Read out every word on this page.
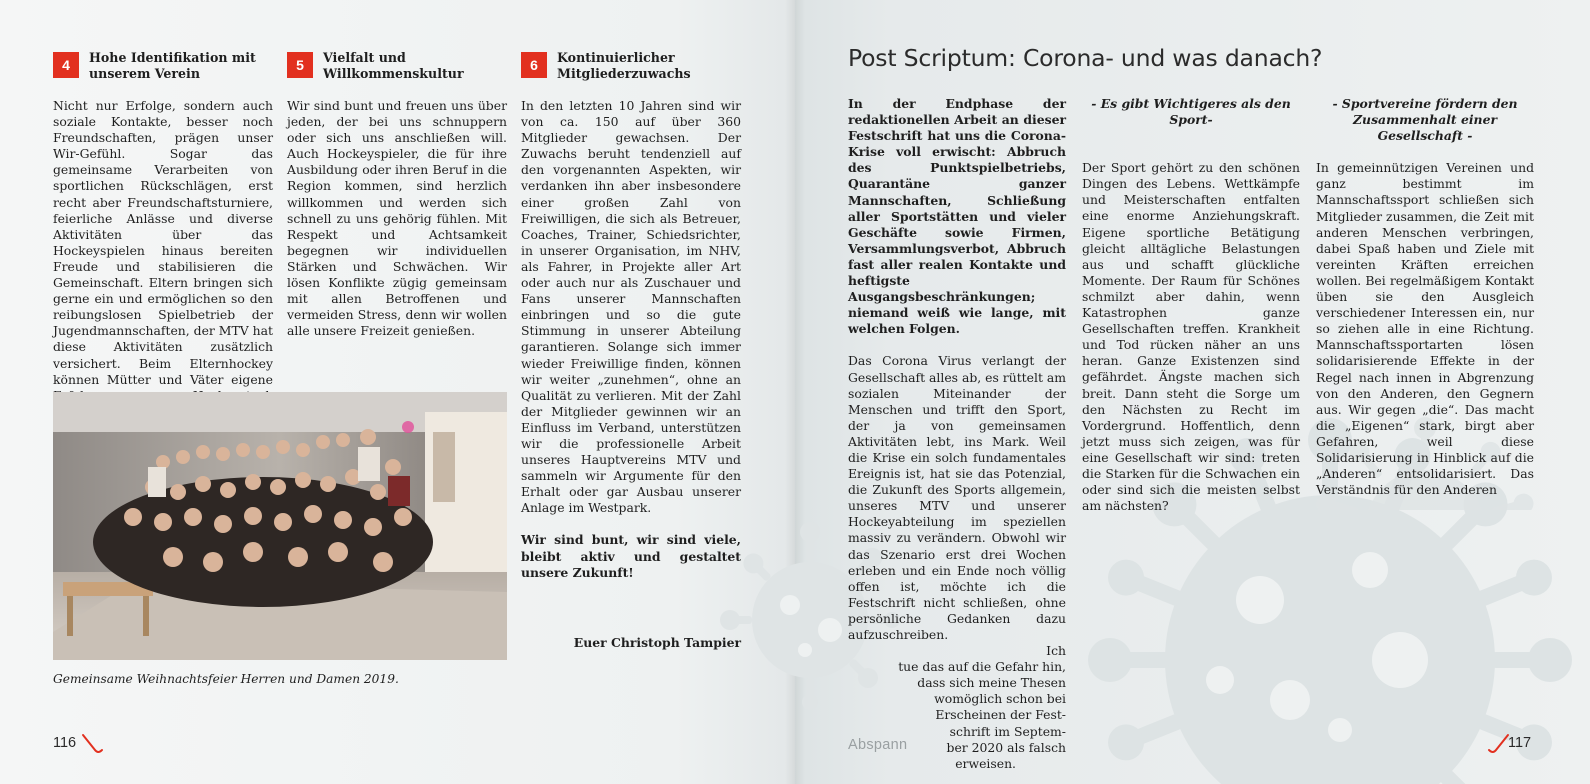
4	Hohe Identifikation mit
unserem Verein
5	Vielfalt und
Willkommenskultur
6	Kontinuierlicher
Mitgliederzuwachs

Nicht nur Erfolge, sondern auch soziale Kontakte, besser noch Freundschaften, prägen unser Wir-Gefühl. Sogar das gemeinsame Verarbeiten von sportlichen Rückschlägen, erst recht aber Freundschaftsturniere, feierliche Anlässe und diverse Aktivitäten über das Hockeyspielen hinaus bereiten Freude und stabilisieren die Gemeinschaft. Eltern bringen sich gerne ein und ermöglichen so den reibungslosen Spielbetrieb der Jugendmannschaften, der MTV hat diese Aktivitäten zusätzlich versichert. Beim Elternhockey können Mütter und Väter eigene

Wir sind bunt und freuen uns über jeden, der bei uns schnuppern oder sich uns anschließen will. Auch Hockeyspieler, die für ihre Ausbildung oder ihren Beruf in die Region kommen, sind herzlich willkommen und werden sich schnell zu uns gehörig fühlen. Mit Respekt und Achtsamkeit begegnen wir individuellen Stärken und Schwächen. Wir lösen Konflikte zügig gemeinsam mit allen Betroffenen und vermeiden Stress, denn wir wollen alle unsere Freizeit genießen.

In den letzten 10 Jahren sind wir von ca. 150 auf über 360 Mitglieder gewachsen. Der Zuwachs beruht tendenziell auf den vorgenannten Aspekten, wir verdanken ihn aber insbesondere einer großen Zahl von Freiwilligen, die sich als Betreuer, Coaches, Trainer, Schiedsrichter, in unserer Organisation, im NHV, als Fahrer, in Projekte aller Art oder auch nur als Zuschauer und Fans unserer Mannschaften einbringen und so die gute Stimmung in unserer Abteilung garantieren. Solange sich immer wieder Freiwillige finden, können wir weiter „zunehmen“, ohne an Qualität zu verlieren. Mit der Zahl der Mitglieder gewinnen wir an Einfluss im Verband, unterstützen wir die professionelle Arbeit unseres Hauptvereins MTV und sammeln wir Argumente für den Erhalt oder gar Ausbau unserer Anlage im Westpark.

Wir sind bunt, wir sind viele, bleibt aktiv und gestaltet unsere Zukunft!

Euer Christoph Tampier

Gemeinsame Weihnachtsfeier Herren und Damen 2019.
116
Post Scriptum: Corona- und was danach?

In der Endphase der redaktionellen Arbeit an dieser Festschrift hat uns die Corona-Krise voll erwischt: Abbruch des Punktspielbetriebs, Quarantäne ganzer Mannschaften, Schließung aller Sportstätten und vieler Geschäfte sowie Firmen, Versammlungsverbot, Abbruch fast aller realen Kontakte und heftigste Ausgangsbeschränkungen; niemand weiß wie lange, mit welchen Folgen.

Das Corona Virus verlangt der Gesellschaft alles ab, es rüttelt am sozialen Miteinander der Menschen und trifft den Sport, der ja von gemeinsamen Aktivitäten lebt, ins Mark. Weil die Krise ein solch fundamentales Ereignis ist, hat sie das Potenzial, die Zukunft des Sports allgemein, unseres MTV und unserer Hockeyabteilung im speziellen massiv zu verändern. Obwohl wir das Szenario erst drei Wochen erleben und ein Ende noch völlig offen ist, möchte ich die Festschrift nicht schließen, ohne persönliche Gedanken dazu aufzuschreiben.

Ich
tue das auf die Gefahr hin,
dass sich meine Thesen
womöglich schon bei
Erscheinen der Fest-
schrift im Septem-
ber 2020 als falsch
erweisen.
- Es gibt Wichtigeres als den Sport-

Der Sport gehört zu den schönen Dingen des Lebens. Wettkämpfe und Meisterschaften entfalten eine enorme Anziehungskraft. Eigene sportliche Betätigung gleicht alltägliche Belastungen aus und schafft glückliche Momente. Der Raum für Schönes schmilzt aber dahin, wenn Katastrophen ganze Gesellschaften treffen. Krankheit und Tod rücken näher an uns heran. Ganze Existenzen sind gefährdet. Ängste machen sich breit. Dann steht die Sorge um den Nächsten zu Recht im Vordergrund. Hoffentlich, denn jetzt muss sich zeigen, was für eine Gesellschaft wir sind: treten die Starken für die Schwachen ein oder sind sich die meisten selbst am nächsten?

- Sportvereine fördern den Zusammenhalt einer Gesellschaft -

In gemeinnützigen Vereinen und ganz bestimmt im Mannschaftssport schließen sich Mitglieder zusammen, die Zeit mit anderen Menschen verbringen, dabei Spaß haben und Ziele mit vereinten Kräften erreichen wollen. Bei regelmäßigem Kontakt üben sie den Ausgleich verschiedener Interessen ein, nur so ziehen alle in eine Richtung. Mannschaftssportarten lösen solidarisierende Effekte in der Regel nach innen in Abgrenzung von den Anderen, den Gegnern aus. Wir gegen „die“. Das macht die „Eigenen“ stark, birgt aber Gefahren, weil diese Solidarisierung in Hinblick auf die „Anderen“ entsolidarisiert. Das Verständnis für den Anderen

Abspann	117
